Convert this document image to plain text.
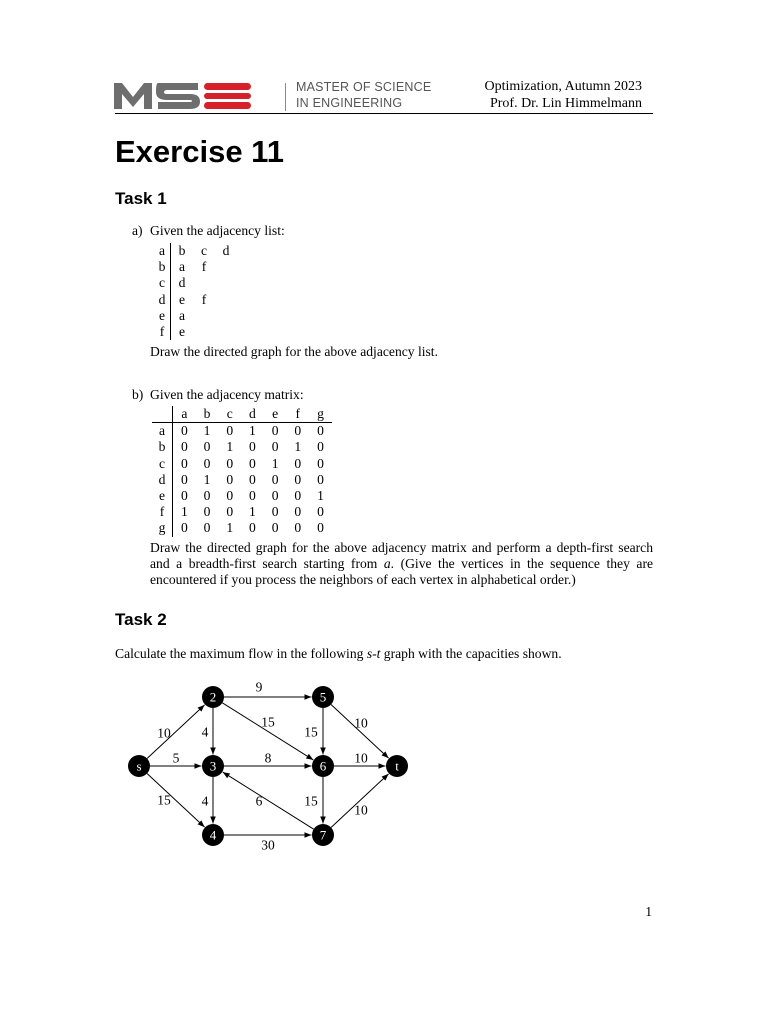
MASTER OF SCIENCE
IN ENGINEERING
Optimization, Autumn 2023
Prof. Dr. Lin Himmelmann
Exercise 11
Task 1
a) Given the adjacency list:
a	b	c	d
b	a	f	
c	d		
d	e	f	
e	a		
f	e		
Draw the directed graph for the above adjacency list.
b) Given the adjacency matrix:
	a	b	c	d	e	f	g
a	0	1	0	1	0	0	0
b	0	0	1	0	0	1	0
c	0	0	0	0	1	0	0
d	0	1	0	0	0	0	0
e	0	0	0	0	0	0	1
f	1	0	0	1	0	0	0
g	0	0	1	0	0	0	0
Draw the directed graph for the above adjacency matrix and perform a depth-first search and a breadth-first search starting from a. (Give the vertices in the sequence they are encountered if you process the neighbors of each vertex in alphabetical order.)
Task 2
Calculate the maximum flow in the following s-t graph with the capacities shown.
10
5
15
9
15
4
8
4
10
15
10
15
6
10
30
s
2
3
4
5
6
7
t
1
